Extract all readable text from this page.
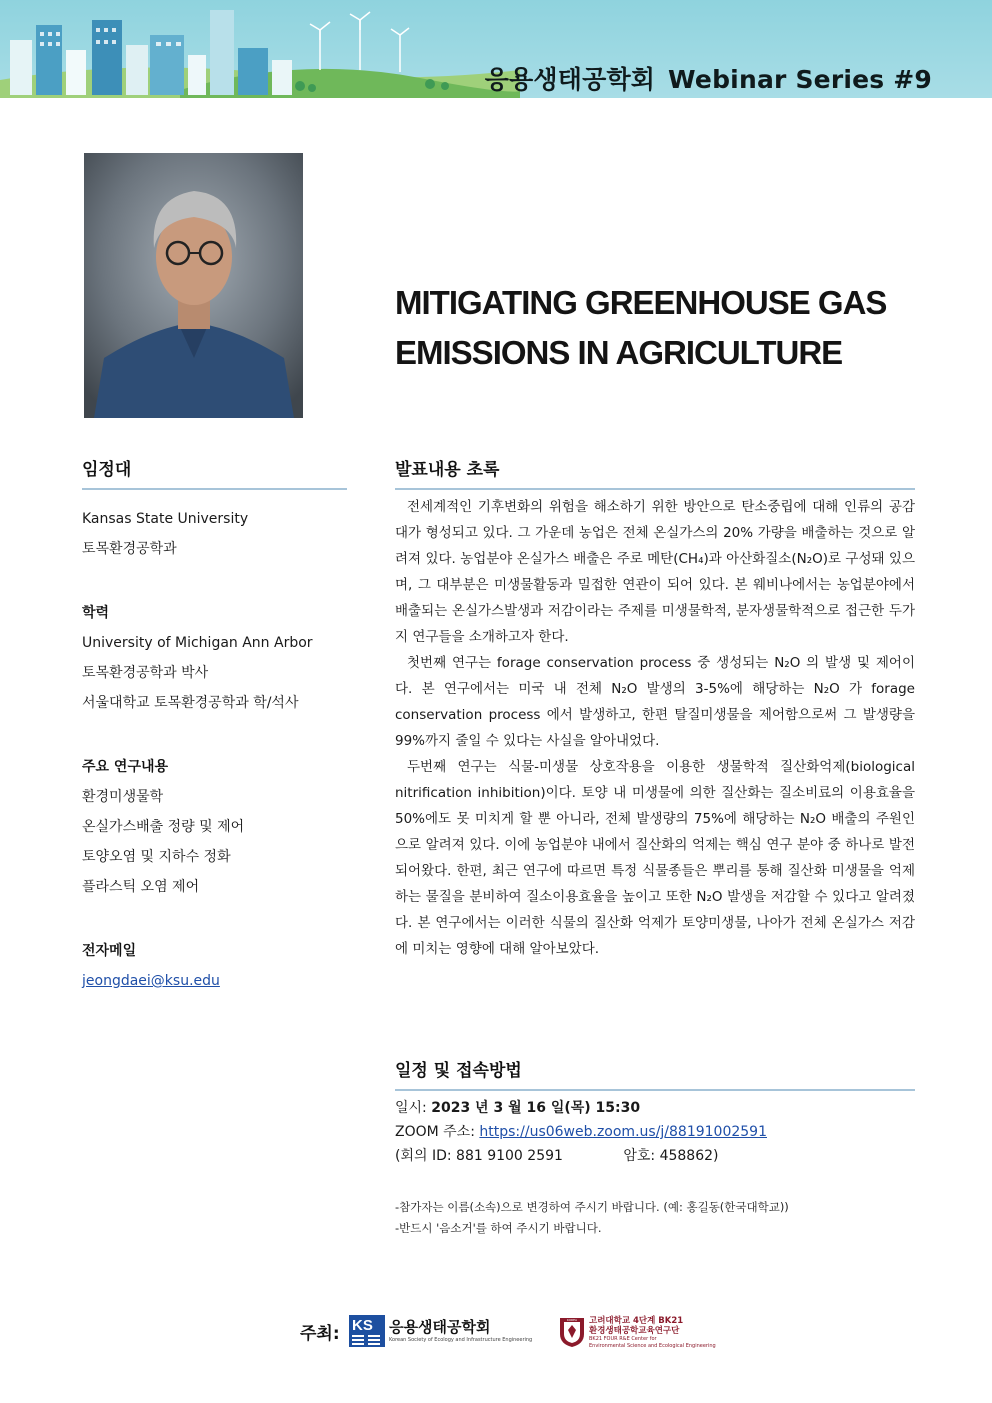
응용생태공학회 Webinar Series #9
MITIGATING GREENHOUSE GAS
EMISSIONS IN AGRICULTURE
임정대

Kansas State University

토목환경공학과

학력

University of Michigan Ann Arbor

토목환경공학과 박사

서울대학교 토목환경공학과 학/석사

주요 연구내용

환경미생물학

온실가스배출 정량 및 제어

토양오염 및 지하수 정화

플라스틱 오염 제어

전자메일

jeongdaei@ksu.edu

발표내용 초록

전세계적인 기후변화의 위험을 해소하기 위한 방안으로 탄소중립에 대해 인류의 공감대가 형성되고 있다. 그 가운데 농업은 전체 온실가스의 20% 가량을 배출하는 것으로 알려져 있다. 농업분야 온실가스 배출은 주로 메탄(CH₄)과 아산화질소(N₂O)로 구성돼 있으며, 그 대부분은 미생물활동과 밀접한 연관이 되어 있다. 본 웨비나에서는 농업분야에서 배출되는 온실가스발생과 저감이라는 주제를 미생물학적, 분자생물학적으로 접근한 두가지 연구들을 소개하고자 한다.

첫번째 연구는 forage conservation process 중 생성되는 N₂O 의 발생 및 제어이다. 본 연구에서는 미국 내 전체 N₂O 발생의 3-5%에 해당하는 N₂O 가 forage conservation process 에서 발생하고, 한편 탈질미생물을 제어함으로써 그 발생량을 99%까지 줄일 수 있다는 사실을 알아내었다.

두번째 연구는 식물-미생물 상호작용을 이용한 생물학적 질산화억제(biological nitrification inhibition)이다. 토양 내 미생물에 의한 질산화는 질소비료의 이용효율을 50%에도 못 미치게 할 뿐 아니라, 전체 발생량의 75%에 해당하는 N₂O 배출의 주원인으로 알려져 있다. 이에 농업분야 내에서 질산화의 억제는 핵심 연구 분야 중 하나로 발전되어왔다. 한편, 최근 연구에 따르면 특정 식물종들은 뿌리를 통해 질산화 미생물을 억제하는 물질을 분비하여 질소이용효율을 높이고 또한 N₂O 발생을 저감할 수 있다고 알려졌다. 본 연구에서는 이러한 식물의 질산화 억제가 토양미생물, 나아가 전체 온실가스 저감에 미치는 영향에 대해 알아보았다.

일정 및 접속방법
일시: 2023 년 3 월 16 일(목) 15:30
ZOOM 주소: https://us06web.zoom.us/j/88191002591
(회의 ID: 881 9100 2591	암호: 458862)
-참가자는 이름(소속)으로 변경하여 주시기 바랍니다. (예: 홍길동(한국대학교))
-반드시 '음소거'를 하여 주시기 바랍니다.
주최: KS 응용생태공학회
Korean Society of Ecology and Infrastructure Engineering
KOREA 고려대학교 4단계 BK21
환경생태공학교육연구단
BK21 FOUR R&E Center for
Environmental Science and Ecological Engineering
